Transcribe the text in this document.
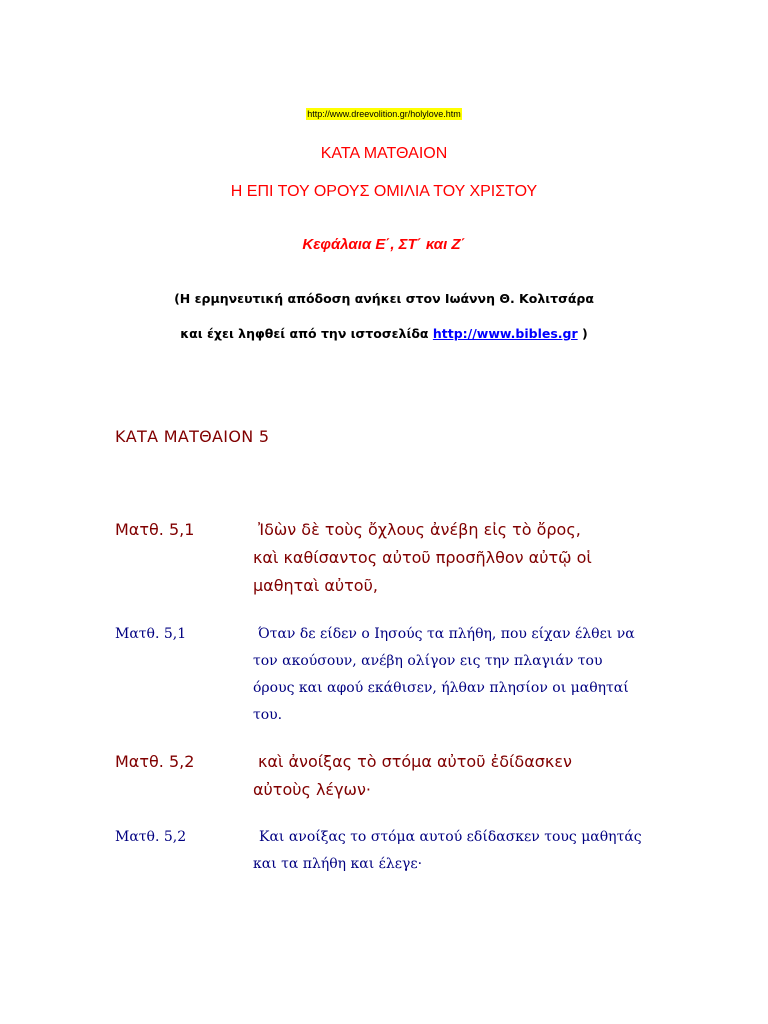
http://www.dreevolition.gr/holylove.htm
ΚΑΤΑ ΜΑΤΘΑΙΟΝ
Η ΕΠΙ ΤΟΥ ΟΡΟΥΣ ΟΜΙΛΙΑ ΤΟΥ ΧΡΙΣΤΟΥ
Κεφάλαια Ε΄, ΣΤ΄ και Ζ΄
(Η ερμηνευτική απόδοση ανήκει στον Ιωάννη Θ. Κολιτσάρα
και έχει ληφθεί από την ιστοσελίδα http://www.bibles.gr )
ΚΑΤΑ ΜΑΤΘΑΙΟΝ 5
Ματθ. 5,1	Ἰδὼν δὲ τοὺς ὄχλους ἀνέβη εἰς τὸ ὄρος,
καὶ καθίσαντος αὐτοῦ προσῆλθον αὐτῷ οἱ
μαθηταὶ αὐτοῦ,
Ματθ. 5,1	Όταν δε είδεν ο Ιησούς τα πλήθη, που είχαν έλθει να
τον ακούσουν, ανέβη ολίγον εις την πλαγιάν του
όρους και αφού εκάθισεν, ήλθαν πλησίον οι μαθηταί
του.
Ματθ. 5,2	καὶ ἀνοίξας τὸ στόμα αὐτοῦ ἐδίδασκεν
αὐτοὺς λέγων·
Ματθ. 5,2	Και ανοίξας το στόμα αυτού εδίδασκεν τους μαθητάς
και τα πλήθη και έλεγε·
